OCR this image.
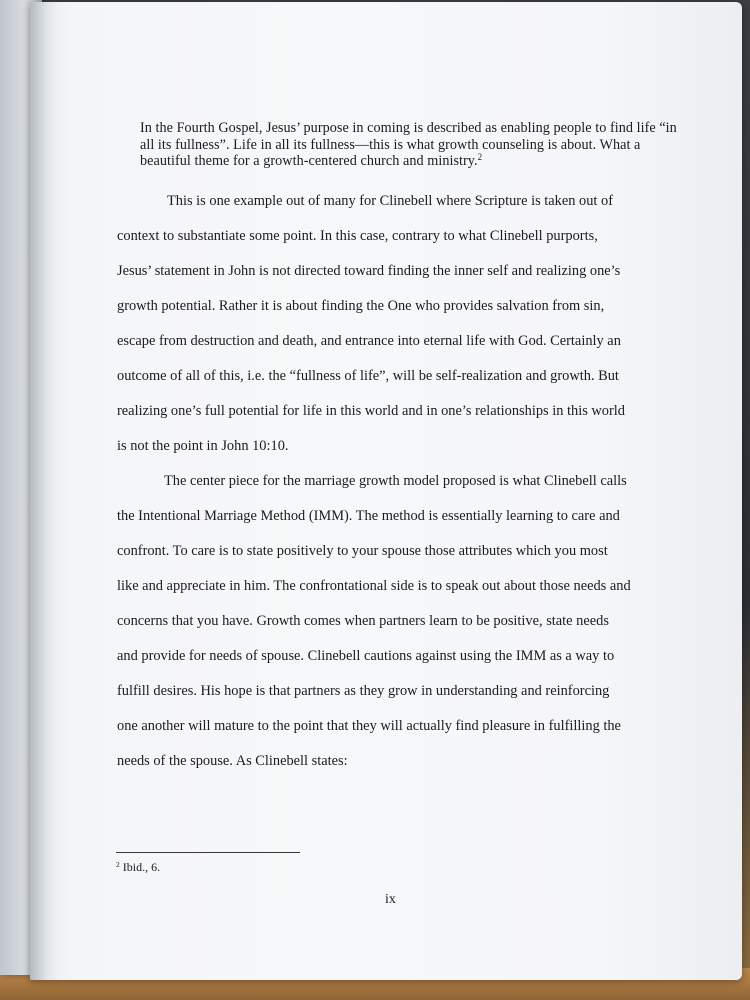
In the Fourth Gospel, Jesus’ purpose in coming is described as enabling people to find life “in all its fullness”. Life in all its fullness—this is what growth counseling is about. What a beautiful theme for a growth-centered church and ministry.$^2$
This is one example out of many for Clinebell where Scripture is taken out of
context to substantiate some point. In this case, contrary to what Clinebell purports,
Jesus’ statement in John is not directed toward finding the inner self and realizing one’s
growth potential. Rather it is about finding the One who provides salvation from sin,
escape from destruction and death, and entrance into eternal life with God. Certainly an
outcome of all of this, i.e. the “fullness of life”, will be self-realization and growth. But
realizing one’s full potential for life in this world and in one’s relationships in this world
is not the point in John 10:10.
The center piece for the marriage growth model proposed is what Clinebell calls
the Intentional Marriage Method (IMM). The method is essentially learning to care and
confront. To care is to state positively to your spouse those attributes which you most
like and appreciate in him. The confrontational side is to speak out about those needs and
concerns that you have. Growth comes when partners learn to be positive, state needs
and provide for needs of spouse. Clinebell cautions against using the IMM as a way to
fulfill desires. His hope is that partners as they grow in understanding and reinforcing
one another will mature to the point that they will actually find pleasure in fulfilling the
needs of the spouse. As Clinebell states:
$^2$ Ibid., 6.
ix
